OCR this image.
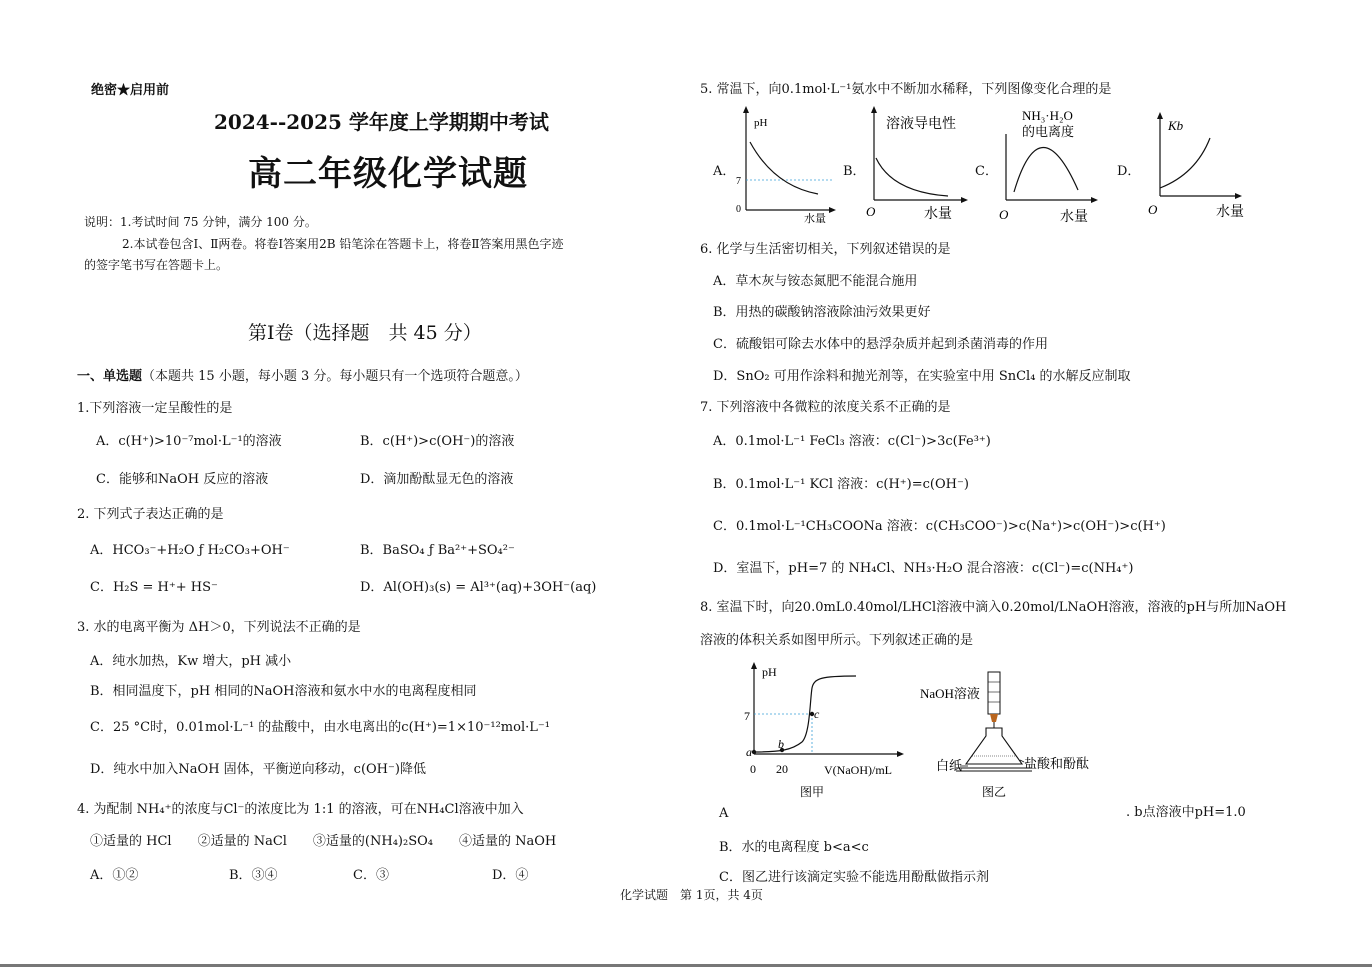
绝密★启用前
2024--2025 学年度上学期期中考试
高二年级化学试题
说明：1.考试时间 75 分钟，满分 100 分。
2.本试卷包含Ⅰ、Ⅱ两卷。将卷Ⅰ答案用2B 铅笔涂在答题卡上，将卷Ⅱ答案用黑色字迹
的签字笔书写在答题卡上。
第Ⅰ卷（选择题　共 45 分）
一、单选题（本题共 15 小题，每小题 3 分。每小题只有一个选项符合题意。）
1.下列溶液一定呈酸性的是
A．c(H⁺)>10⁻⁷mol·L⁻¹的溶液	B．c(H⁺)>c(OH⁻)的溶液
C．能够和NaOH 反应的溶液	D．滴加酚酞显无色的溶液
2. 下列式子表达正确的是
A．HCO₃⁻+H₂O ƒ H₂CO₃+OH⁻	B．BaSO₄ ƒ Ba²⁺+SO₄²⁻
C．H₂S = H⁺+ HS⁻	D．Al(OH)₃(s) = Al³⁺(aq)+3OH⁻(aq)
3. 水的电离平衡为 ΔH＞0，下列说法不正确的是
A．纯水加热，Kw 增大，pH 减小
B．相同温度下，pH 相同的NaOH溶液和氨水中水的电离程度相同
C．25 °C时，0.01mol·L⁻¹ 的盐酸中，由水电离出的c(H⁺)=1×10⁻¹²mol·L⁻¹
D．纯水中加入NaOH 固体，平衡逆向移动，c(OH⁻)降低
4. 为配制 NH₄⁺的浓度与Cl⁻的浓度比为 1:1 的溶液，可在NH₄Cl溶液中加入
①适量的 HCl　　②适量的 NaCl　　③适量的(NH₄)₂SO₄　　④适量的 NaOH
A．①②	B．③④	C．③	D．④
5. 常温下，向0.1mol·L⁻¹氨水中不断加水稀释，下列图像变化合理的是
A．	B．	C．	D．
pH
7
0
水量
溶液导电性
O	水量
NH₃·H₂O
的电离度
O	水量
Kb
O	水量
6. 化学与生活密切相关，下列叙述错误的是
A．草木灰与铵态氮肥不能混合施用
B．用热的碳酸钠溶液除油污效果更好
C．硫酸铝可除去水体中的悬浮杂质并起到杀菌消毒的作用
D．SnO₂ 可用作涂料和抛光剂等，在实验室中用 SnCl₄ 的水解反应制取
7. 下列溶液中各微粒的浓度关系不正确的是
A．0.1mol·L⁻¹ FeCl₃ 溶液：c(Cl⁻)>3c(Fe³⁺)
B．0.1mol·L⁻¹ KCl 溶液：c(H⁺)=c(OH⁻)
C．0.1mol·L⁻¹CH₃COONa 溶液：c(CH₃COO⁻)>c(Na⁺)>c(OH⁻)>c(H⁺)
D．室温下，pH=7 的 NH₄Cl、NH₃·H₂O 混合溶液：c(Cl⁻)=c(NH₄⁺)
8. 室温下时，向20.0mL0.40mol/LHCl溶液中滴入0.20mol/LNaOH溶液，溶液的pH与所加NaOH
溶液的体积关系如图甲所示。下列叙述正确的是
pH
7
a
b
c
0 20	V(NaOH)/mL
图甲
NaOH溶液
白纸	盐酸和酚酞
图乙
A	. b点溶液中pH=1.0
B．水的电离程度 b<a<c
C．图乙进行该滴定实验不能选用酚酞做指示剂
化学试题　第 1页，共 4页
